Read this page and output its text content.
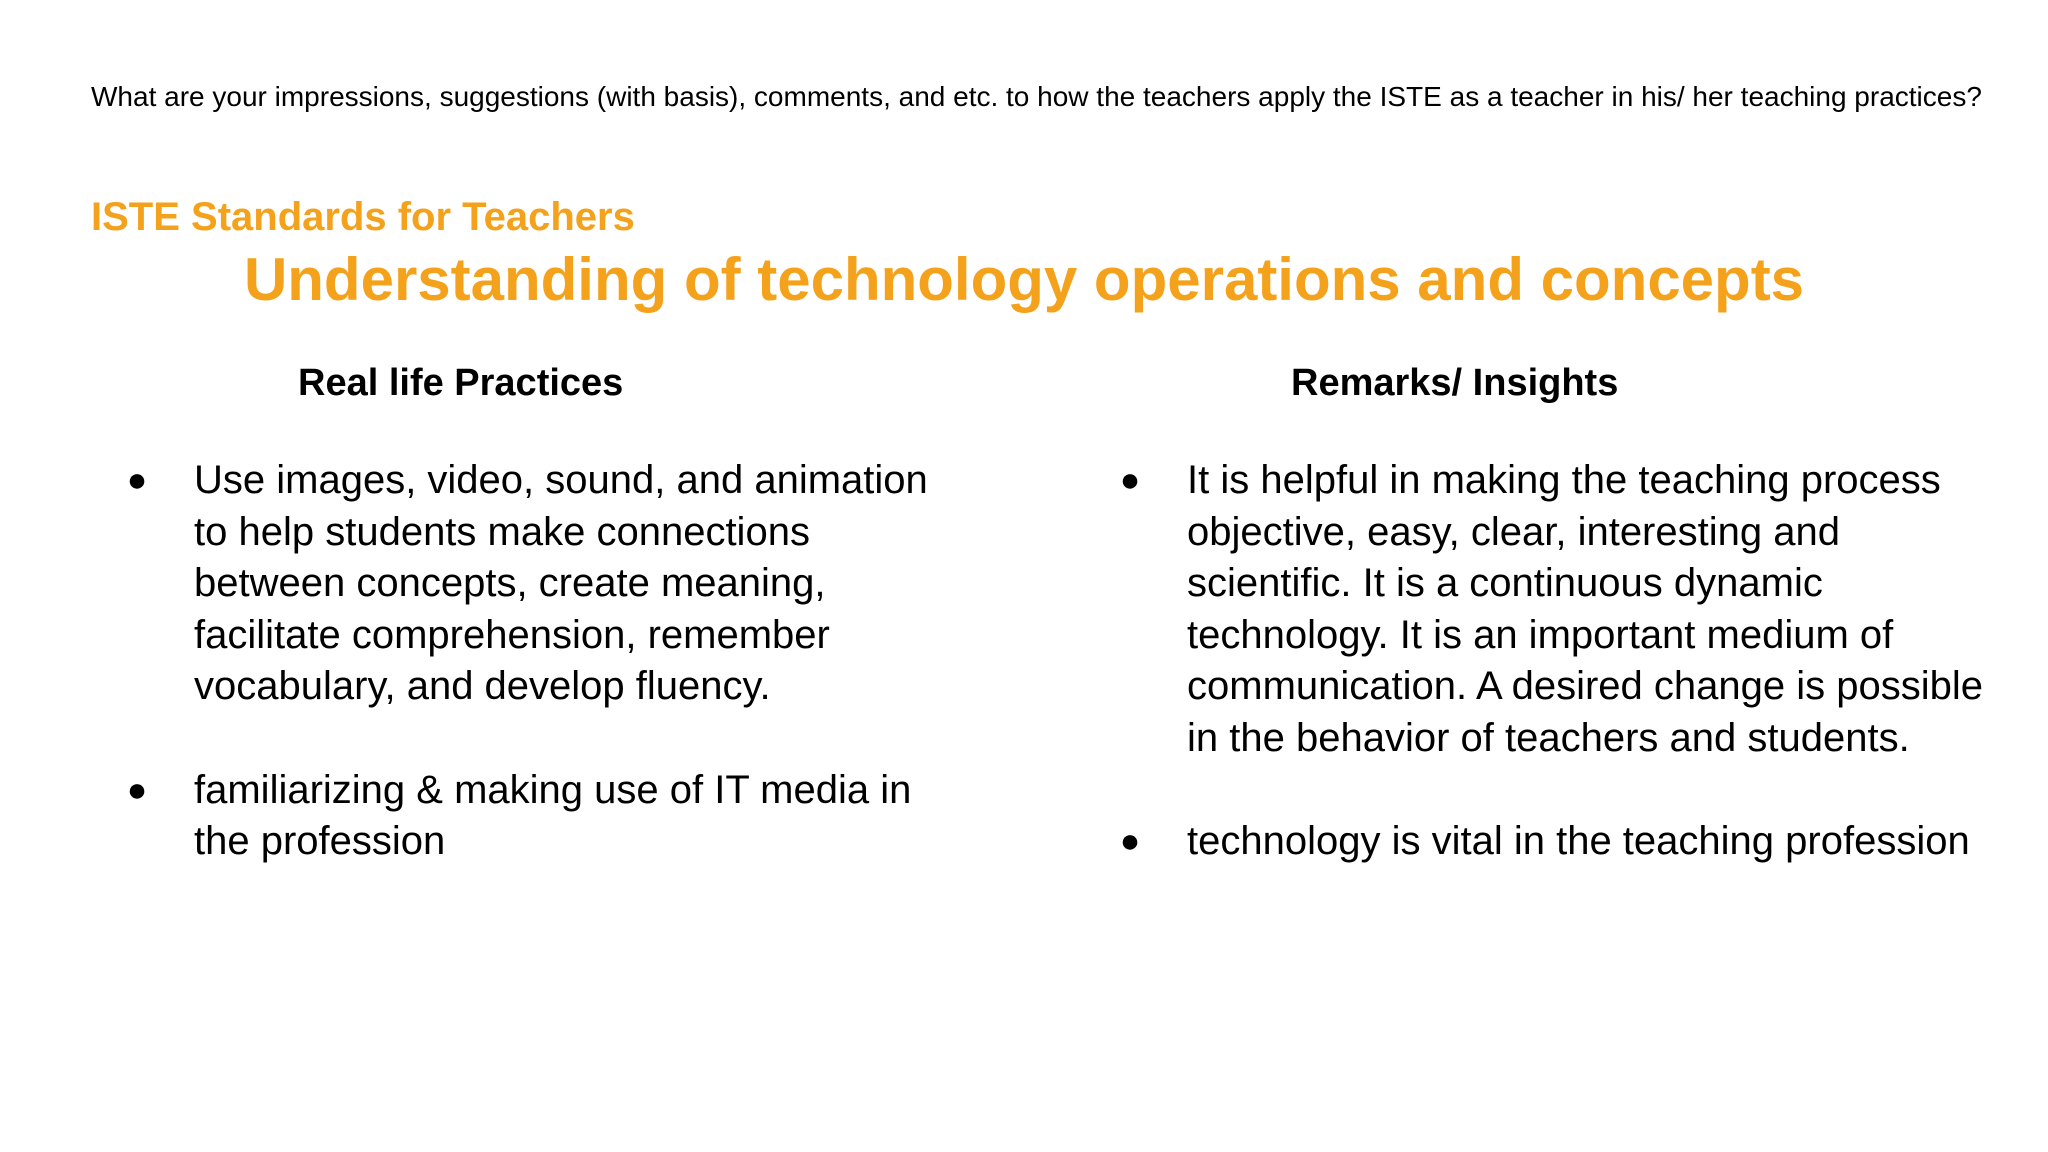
What are your impressions, suggestions (with basis), comments, and etc. to how the teachers apply the ISTE as a teacher in his/ her teaching practices?
ISTE Standards for Teachers
Understanding of technology operations and concepts
Real life Practices	Remarks/ Insights
● Use images, video, sound, and animation to help students make connections between concepts, create meaning, facilitate comprehension, remember vocabulary, and develop fluency.
● familiarizing & making use of IT media in the profession
● It is helpful in making the teaching process objective, easy, clear, interesting and scientific. It is a continuous dynamic technology. It is an important medium of communication. A desired change is possible in the behavior of teachers and students.
● technology is vital in the teaching profession
